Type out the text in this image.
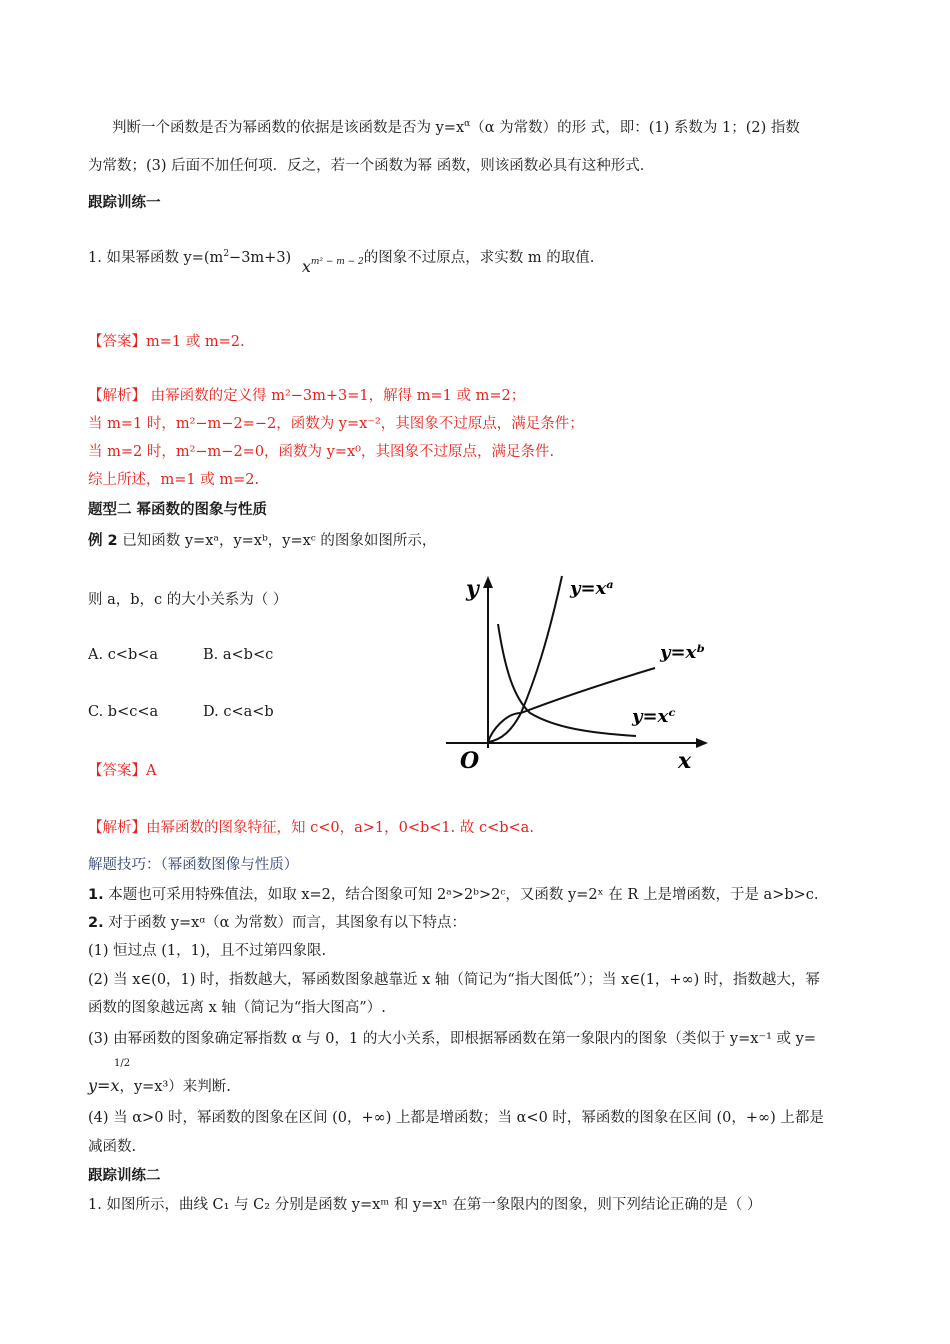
判断一个函数是否为幂函数的依据是该函数是否为 $y=x^\alpha(\alpha$ 为常数）的形 式，即：(1) 系数为 1；(2) 指数
为常数；(3) 后面不加任何项．反之，若一个函数为幂 函数，则该函数必具有这种形式．
跟踪训练一
1. 如果幂函数 $y=(m^2-3m+3)$ $x^{m^2 - m - 2}$的图象不过原点，求实数 m 的取值.
【答案】m=1 或 m=2.
【解析】 由幂函数的定义得 m²−3m+3=1，解得 m=1 或 m=2；
当 m=1 时，m²−m−2=−2，函数为 y=x⁻²，其图象不过原点，满足条件；
当 m=2 时，m²−m−2=0，函数为 y=x⁰，其图象不过原点，满足条件.
综上所述，m=1 或 m=2.
题型二 幂函数的图象与性质
例 2 已知函数 y=xᵃ，y=xᵇ，y=xᶜ 的图象如图所示，
则 a，b，c 的大小关系为（ ）
A. c<b<a	B. a<b<c
C. b<c<a	D. c<a<b
【答案】A
【解析】由幂函数的图象特征，知 c<0，a>1，0<b<1. 故 c<b<a.
y
x
O
y=xᵃ
y=xᵇ
y=xᶜ
解题技巧：（幂函数图像与性质）
1. 本题也可采用特殊值法，如取 x=2，结合图象可知 2ᵃ>2ᵇ>2ᶜ，又函数 y=2ˣ 在 R 上是增函数，于是 a>b>c.
2. 对于函数 y=xᵅ（α 为常数）而言，其图象有以下特点：
(1) 恒过点 (1，1)，且不过第四象限.
(2) 当 x∈(0，1) 时，指数越大，幂函数图象越靠近 x 轴（简记为“指大图低”）；当 x∈(1，+∞) 时，指数越大，幂
函数的图象越远离 x 轴（简记为“指大图高”）.
(3) 由幂函数的图象确定幂指数 α 与 0，1 的大小关系，即根据幂函数在第一象限内的图象（类似于 y=x⁻¹ 或 y=
1/2
y=x，y=x³）来判断.
(4) 当 α>0 时，幂函数的图象在区间 (0，+∞) 上都是增函数；当 α<0 时，幂函数的图象在区间 (0，+∞) 上都是
减函数.
跟踪训练二
1. 如图所示，曲线 C₁ 与 C₂ 分别是函数 y=xᵐ 和 y=xⁿ 在第一象限内的图象，则下列结论正确的是（ ）
